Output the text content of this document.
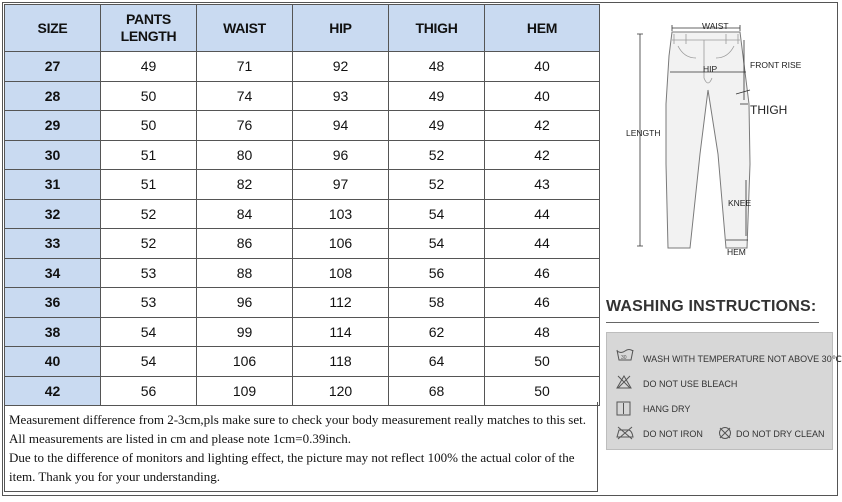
SIZE	PANTS LENGTH	WAIST	HIP	THIGH	HEM
27	49	71	92	48	40
28	50	74	93	49	40
29	50	76	94	49	42
30	51	80	96	52	42
31	51	82	97	52	43
32	52	84	103	54	44
33	52	86	106	54	44
34	53	88	108	56	46
36	53	96	112	58	46
38	54	99	114	62	48
40	54	106	118	64	50
42	56	109	120	68	50

Measurement difference from 2-3cm,pls make sure to check your body measurement really matches to this set. All measurements are listed in cm and please note 1cm=0.39inch.

Due to the difference of monitors and lighting effect, the picture may not reflect 100% the actual color of the item. Thank you for your understanding.

WAIST
HIP	FRONT RISE
THIGH
LENGTH
KNEE
HEM
WASHING INSTRUCTIONS:
30 WASH WITH TEMPERATURE NOT ABOVE 30℃
DO NOT USE BLEACH
HANG DRY
DO NOT IRON	DO NOT DRY CLEAN
